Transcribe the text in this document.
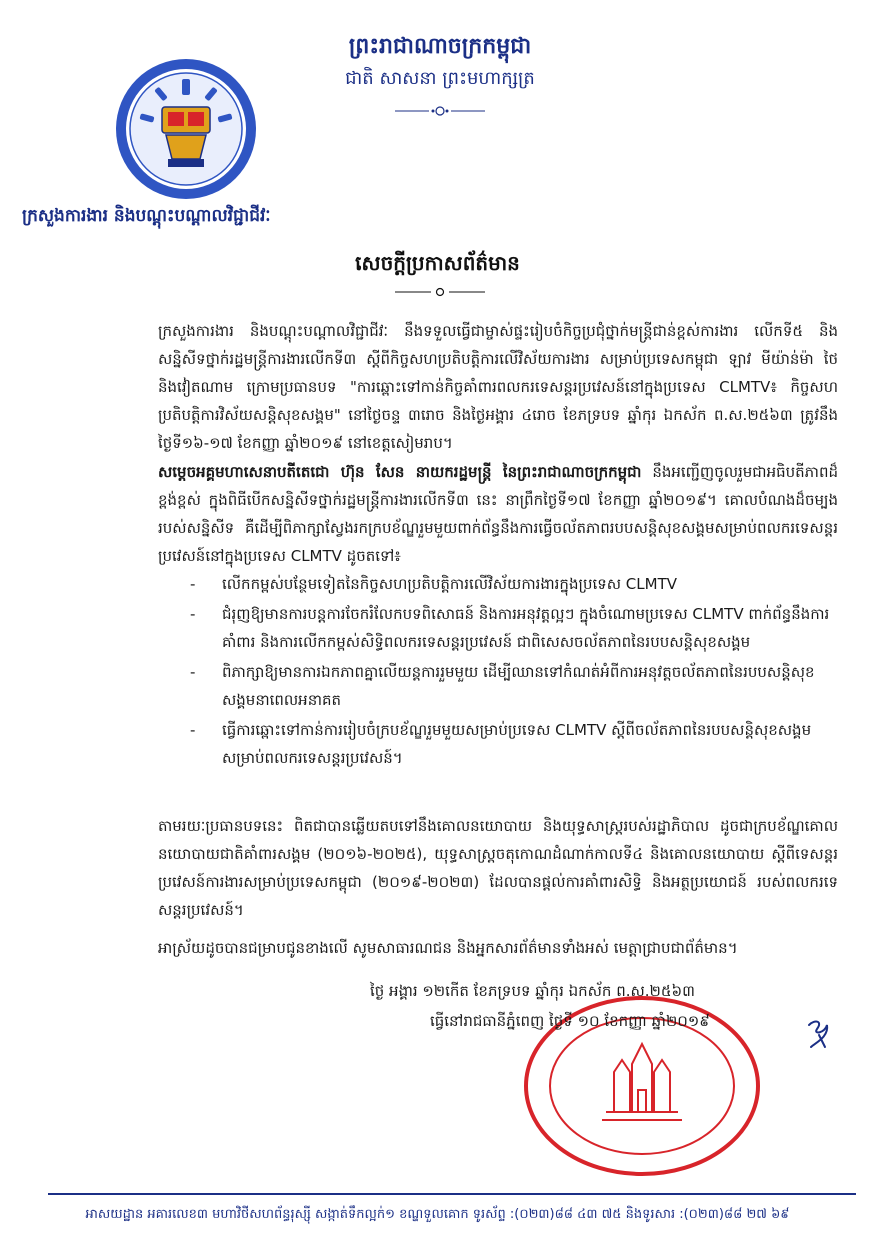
ព្រះរាជាណាចក្រកម្ពុជា
ជាតិ សាសនា ព្រះមហាក្សត្រ
ក្រសួងការងារ និងបណ្ដុះបណ្ដាលវិជ្ជាជីវៈ
សេចក្ដីប្រកាសព័ត៌មាន
ក្រសួងការងារ និងបណ្ដុះបណ្ដាលវិជ្ជាជីវៈ នឹងទទួលធ្វើជាម្ចាស់ផ្ទះរៀបចំកិច្ចប្រជុំថ្នាក់មន្ត្រីជាន់ខ្ពស់ការងារ លើកទី៥ និងសន្និសីទថ្នាក់រដ្ឋមន្ត្រីការងារលើកទី៣ ស្ដីពីកិច្ចសហប្រតិបត្តិការលើវិស័យការងារ សម្រាប់ប្រទេសកម្ពុជា ឡាវ មីយ៉ាន់ម៉ា ថៃ និងវៀតណាម ក្រោមប្រធានបទ "ការឆ្ពោះទៅកាន់កិច្ចគាំពារពលករទេសន្តរប្រវេសន៍នៅក្នុងប្រទេស CLMTV៖ កិច្ចសហប្រតិបត្តិការវិស័យសន្តិសុខសង្គម" នៅថ្ងៃចន្ទ ៣រោច និងថ្ងៃអង្គារ ៤រោច ខែភទ្របទ ឆ្នាំកុរ ឯកស័ក ព.ស.២៥៦៣ ត្រូវនឹងថ្ងៃទី១៦-១៧ ខែកញ្ញា ឆ្នាំ២០១៩ នៅខេត្តសៀមរាប។
សម្ដេចអគ្គមហាសេនាបតីតេជោ ហ៊ុន សែន នាយករដ្ឋមន្ត្រី នៃព្រះរាជាណាចក្រកម្ពុជា នឹងអញ្ជើញចូលរួមជាអធិបតីភាពដ៏ខ្ពង់ខ្ពស់ ក្នុងពិធីបើកសន្និសីទថ្នាក់រដ្ឋមន្ត្រីការងារលើកទី៣ នេះ នាព្រឹកថ្ងៃទី១៧ ខែកញ្ញា ឆ្នាំ២០១៩។ គោលបំណងដ៏ចម្បងរបស់សន្និសីទ គឺដើម្បីពិភាក្សាស្វែងរកក្របខ័ណ្ឌរួមមួយពាក់ព័ន្ធនឹងការធ្វើចល័តភាពរបបសន្តិសុខសង្គមសម្រាប់ពលករទេសន្តរប្រវេសន៍នៅក្នុងប្រទេស CLMTV ដូចតទៅ៖
- លើកកម្ពស់បន្ថែមទៀតនៃកិច្ចសហប្រតិបត្តិការលើវិស័យការងារក្នុងប្រទេស CLMTV
- ជំរុញឱ្យមានការបន្តការចែករំលែកបទពិសោធន៍ និងការអនុវត្តល្អៗ ក្នុងចំណោមប្រទេស CLMTV ពាក់ព័ន្ធនឹងការគាំពារ និងការលើកកម្ពស់សិទ្ធិពលករទេសន្តរប្រវេសន៍ ជាពិសេសចល័តភាពនៃរបបសន្តិសុខសង្គម
- ពិភាក្សាឱ្យមានការឯកភាពគ្នាលើយន្តការរួមមួយ ដើម្បីឈានទៅកំណត់អំពីការអនុវត្តចល័តភាពនៃរបបសន្តិសុខសង្គមនាពេលអនាគត
- ធ្វើការឆ្ពោះទៅកាន់ការរៀបចំក្របខ័ណ្ឌរួមមួយសម្រាប់ប្រទេស CLMTV ស្ដីពីចល័តភាពនៃរបបសន្តិសុខសង្គមសម្រាប់ពលករទេសន្តរប្រវេសន៍។
តាមរយៈប្រធានបទនេះ ពិតជាបានឆ្លើយតបទៅនឹងគោលនយោបាយ និងយុទ្ធសាស្ត្ររបស់រដ្ឋាភិបាល ដូចជាក្របខ័ណ្ឌគោលនយោបាយជាតិគាំពារសង្គម (២០១៦-២០២៥), យុទ្ធសាស្ត្រចតុកោណដំណាក់កាលទី៤ និងគោលនយោបាយ ស្ដីពីទេសន្តរប្រវេសន៍ការងារសម្រាប់ប្រទេសកម្ពុជា (២០១៩-២០២៣) ដែលបានផ្ដល់ការគាំពារសិទ្ធិ និងអត្ថប្រយោជន៍ របស់ពលករទេសន្តរប្រវេសន៍។
អាស្រ័យដូចបានជម្រាបជូនខាងលើ សូមសាធារណជន និងអ្នកសារព័ត៌មានទាំងអស់ មេត្តាជ្រាបជាព័ត៌មាន។
ថ្ងៃ អង្គារ ១២កើត ខែភទ្របទ ឆ្នាំកុរ ឯកស័ក ព.ស.២៥៦៣
ធ្វើនៅរាជធានីភ្នំពេញ ថ្ងៃទី ១០ ខែកញ្ញា ឆ្នាំ២០១៩
អាសយដ្ឋាន អគារលេខ៣ មហាវិថីសហព័ន្ធរុស្ស៊ី សង្កាត់ទឹកល្អក់១ ខណ្ឌទួលគោក ទូរស័ព្ទ :(០២៣)៨៨ ៤៣ ៧៥ និងទូរសារ :(០២៣)៨៨ ២៧ ៦៩
